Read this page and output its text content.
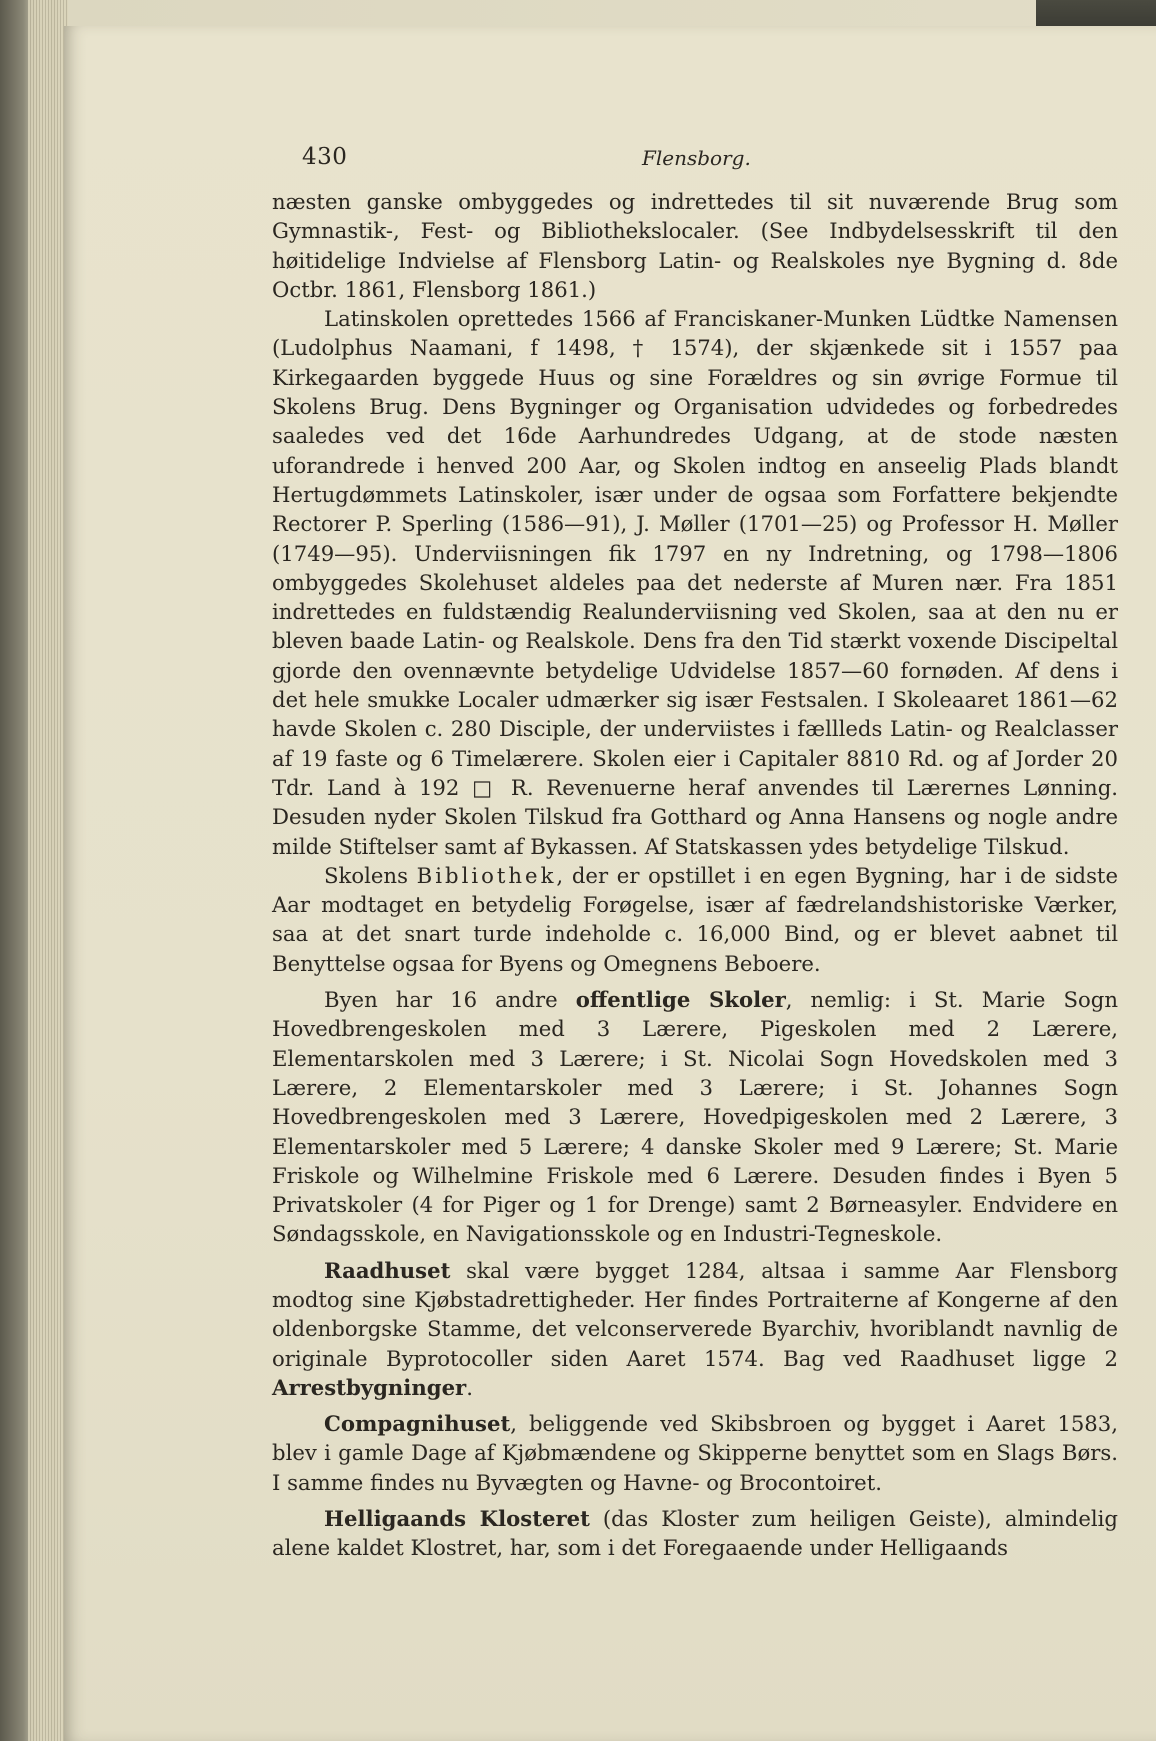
430	Flensborg.

næsten ganske ombyggedes og indrettedes til sit nuværende Brug som Gymnastik-, Fest- og Bibliothekslocaler. (See Indbydelsesskrift til den høitidelige Indvielse af Flensborg Latin- og Realskoles nye Bygning d. 8de Octbr. 1861, Flensborg 1861.)

Latinskolen oprettedes 1566 af Franciskaner-Munken Lüdtke Namensen (Ludolphus Naamani, f 1498, † 1574), der skjænkede sit i 1557 paa Kirkegaarden byggede Huus og sine Forældres og sin øvrige Formue til Skolens Brug. Dens Bygninger og Organisation udvidedes og forbedredes saaledes ved det 16de Aarhundredes Udgang, at de stode næsten uforandrede i henved 200 Aar, og Skolen indtog en anseelig Plads blandt Hertugdømmets Latinskoler, især under de ogsaa som Forfattere bekjendte Rectorer P. Sperling (1586—91), J. Møller (1701—25) og Professor H. Møller (1749—95). Underviisningen fik 1797 en ny Indretning, og 1798—1806 ombyggedes Skolehuset aldeles paa det nederste af Muren nær. Fra 1851 indrettedes en fuldstændig Realunderviisning ved Skolen, saa at den nu er bleven baade Latin- og Realskole. Dens fra den Tid stærkt voxende Discipeltal gjorde den ovennævnte betydelige Udvidelse 1857—60 fornøden. Af dens i det hele smukke Localer udmærker sig især Festsalen. I Skoleaaret 1861—62 havde Skolen c. 280 Disciple, der underviistes i fællleds Latin- og Realclasser af 19 faste og 6 Timelærere. Skolen eier i Capitaler 8810 Rd. og af Jorder 20 Tdr. Land à 192 □ R. Revenuerne heraf anvendes til Lærernes Lønning. Desuden nyder Skolen Tilskud fra Gotthard og Anna Hansens og nogle andre milde Stiftelser samt af Bykassen. Af Statskassen ydes betydelige Tilskud.

Skolens Bibliothek, der er opstillet i en egen Bygning, har i de sidste Aar modtaget en betydelig Forøgelse, især af fædrelandshistoriske Værker, saa at det snart turde indeholde c. 16,000 Bind, og er blevet aabnet til Benyttelse ogsaa for Byens og Omegnens Beboere.

Byen har 16 andre offentlige Skoler, nemlig: i St. Marie Sogn Hovedbrengeskolen med 3 Lærere, Pigeskolen med 2 Lærere, Elementarskolen med 3 Lærere; i St. Nicolai Sogn Hovedskolen med 3 Lærere, 2 Elementarskoler med 3 Lærere; i St. Johannes Sogn Hovedbrengeskolen med 3 Lærere, Hovedpigeskolen med 2 Lærere, 3 Elementarskoler med 5 Lærere; 4 danske Skoler med 9 Lærere; St. Marie Friskole og Wilhelmine Friskole med 6 Lærere. Desuden findes i Byen 5 Privatskoler (4 for Piger og 1 for Drenge) samt 2 Børneasyler. Endvidere en Søndagsskole, en Navigationsskole og en Industri-Tegneskole.

Raadhuset skal være bygget 1284, altsaa i samme Aar Flensborg modtog sine Kjøbstadrettigheder. Her findes Portraiterne af Kongerne af den oldenborgske Stamme, det velconserverede Byarchiv, hvoriblandt navnlig de originale Byprotocoller siden Aaret 1574. Bag ved Raadhuset ligge 2 Arrestbygninger.

Compagnihuset, beliggende ved Skibsbroen og bygget i Aaret 1583, blev i gamle Dage af Kjøbmændene og Skipperne benyttet som en Slags Børs. I samme findes nu Byvægten og Havne- og Brocontoiret.

Helligaands Klosteret (das Kloster zum heiligen Geiste), almindelig alene kaldet Klostret, har, som i det Foregaaende under Helligaands
